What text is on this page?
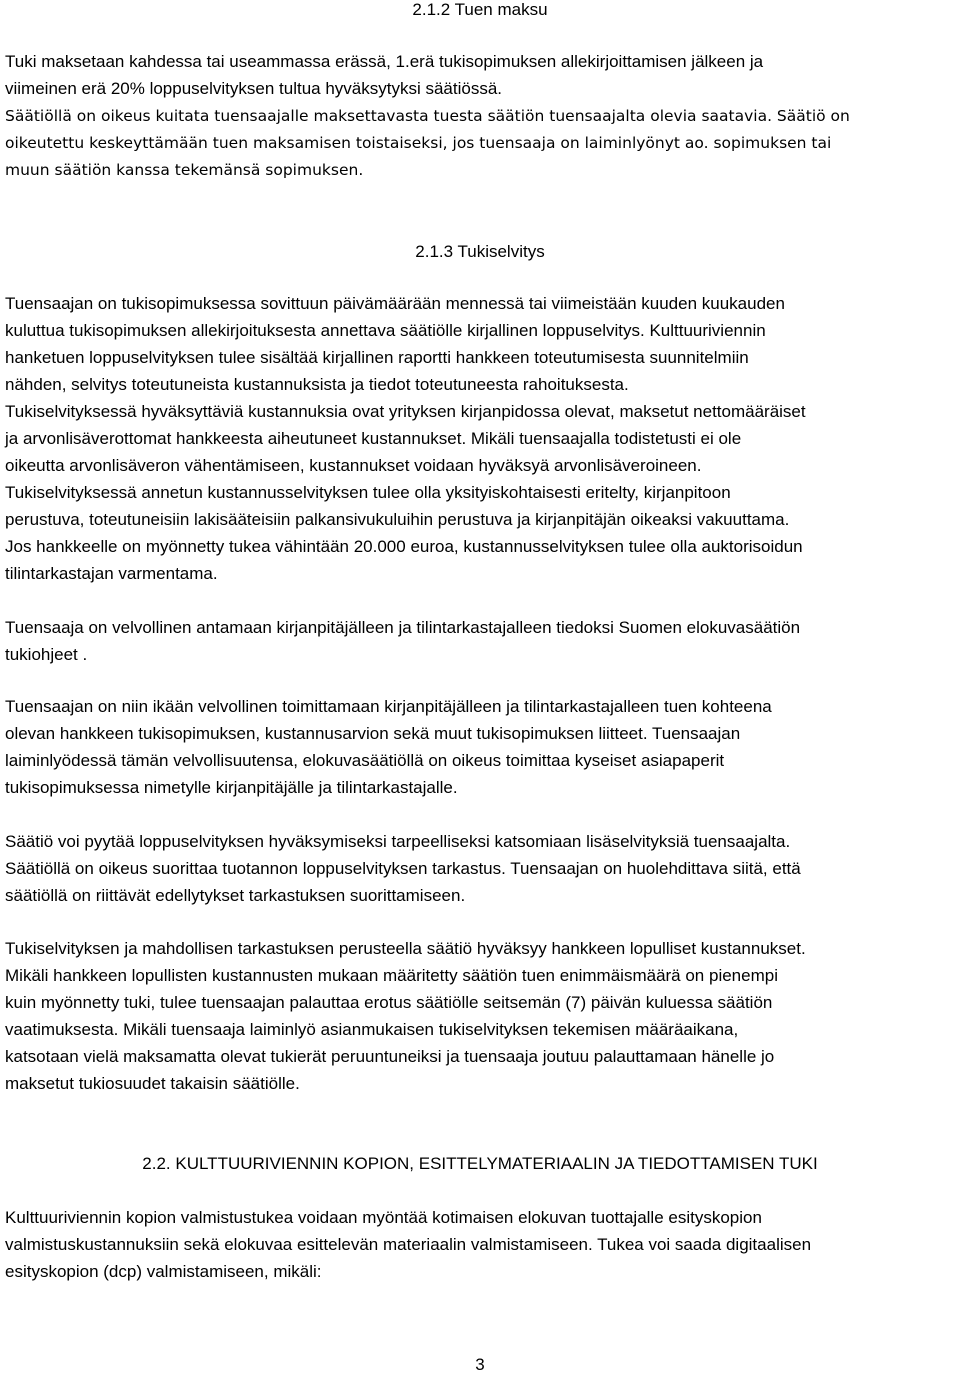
2.1.2 Tuen maksu

Tuki maksetaan kahdessa tai useammassa erässä, 1.erä tukisopimuksen allekirjoittamisen jälkeen ja

viimeinen erä 20% loppuselvityksen tultua hyväksytyksi säätiössä.

Säätiöllä on oikeus kuitata tuensaajalle maksettavasta tuesta säätiön tuensaajalta olevia saatavia. Säätiö on

oikeutettu keskeyttämään tuen maksamisen toistaiseksi, jos tuensaaja on laiminlyönyt ao. sopimuksen tai

muun säätiön kanssa tekemänsä sopimuksen.

2.1.3 Tukiselvitys

Tuensaajan on tukisopimuksessa sovittuun päivämäärään mennessä tai viimeistään kuuden kuukauden

kuluttua tukisopimuksen allekirjoituksesta annettava säätiölle kirjallinen loppuselvitys. Kulttuuriviennin

hanketuen loppuselvityksen tulee sisältää kirjallinen raportti hankkeen toteutumisesta suunnitelmiin

nähden, selvitys toteutuneista kustannuksista ja tiedot toteutuneesta rahoituksesta.

Tukiselvityksessä hyväksyttäviä kustannuksia ovat yrityksen kirjanpidossa olevat, maksetut nettomääräiset

ja arvonlisäverottomat hankkeesta aiheutuneet kustannukset. Mikäli tuensaajalla todistetusti ei ole

oikeutta arvonlisäveron vähentämiseen, kustannukset voidaan hyväksyä arvonlisäveroineen.

Tukiselvityksessä annetun kustannusselvityksen tulee olla yksityiskohtaisesti eritelty, kirjanpitoon

perustuva, toteutuneisiin lakisääteisiin palkansivukuluihin perustuva ja kirjanpitäjän oikeaksi vakuuttama.

Jos hankkeelle on myönnetty tukea vähintään 20.000 euroa, kustannusselvityksen tulee olla auktorisoidun

tilintarkastajan varmentama.

Tuensaaja on velvollinen antamaan kirjanpitäjälleen ja tilintarkastajalleen tiedoksi Suomen elokuvasäätiön

tukiohjeet .

Tuensaajan on niin ikään velvollinen toimittamaan kirjanpitäjälleen ja tilintarkastajalleen tuen kohteena

olevan hankkeen tukisopimuksen, kustannusarvion sekä muut tukisopimuksen liitteet. Tuensaajan

laiminlyödessä tämän velvollisuutensa, elokuvasäätiöllä on oikeus toimittaa kyseiset asiapaperit

tukisopimuksessa nimetylle kirjanpitäjälle ja tilintarkastajalle.

Säätiö voi pyytää loppuselvityksen hyväksymiseksi tarpeelliseksi katsomiaan lisäselvityksiä tuensaajalta.

Säätiöllä on oikeus suorittaa tuotannon loppuselvityksen tarkastus. Tuensaajan on huolehdittava siitä, että

säätiöllä on riittävät edellytykset tarkastuksen suorittamiseen.

Tukiselvityksen ja mahdollisen tarkastuksen perusteella säätiö hyväksyy hankkeen lopulliset kustannukset.

Mikäli hankkeen lopullisten kustannusten mukaan määritetty säätiön tuen enimmäismäärä on pienempi

kuin myönnetty tuki, tulee tuensaajan palauttaa erotus säätiölle seitsemän (7) päivän kuluessa säätiön

vaatimuksesta. Mikäli tuensaaja laiminlyö asianmukaisen tukiselvityksen tekemisen määräaikana,

katsotaan vielä maksamatta olevat tukierät peruuntuneiksi ja tuensaaja joutuu palauttamaan hänelle jo

maksetut tukiosuudet takaisin säätiölle.

2.2. KULTTUURIVIENNIN KOPION, ESITTELYMATERIAALIN JA TIEDOTTAMISEN TUKI

Kulttuuriviennin kopion valmistustukea voidaan myöntää kotimaisen elokuvan tuottajalle esityskopion

valmistuskustannuksiin sekä elokuvaa esittelevän materiaalin valmistamiseen. Tukea voi saada digitaalisen

esityskopion (dcp) valmistamiseen, mikäli:

3
